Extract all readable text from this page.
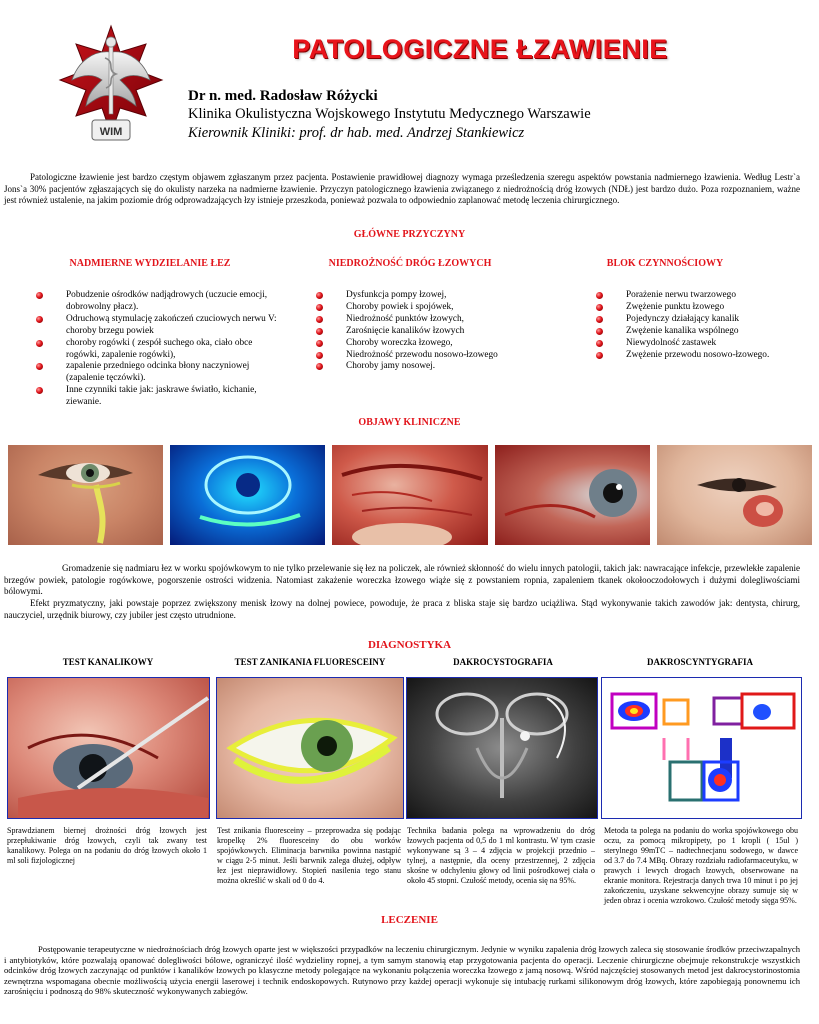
WIM
PATOLOGICZNE ŁZAWIENIE
Dr n. med. Radosław Różycki
Klinika Okulistyczna Wojskowego Instytutu Medycznego Warszawie
Kierownik Kliniki: prof. dr hab. med. Andrzej Stankiewicz
Patologiczne łzawienie jest bardzo częstym objawem zgłaszanym przez pacjenta. Postawienie prawidłowej diagnozy wymaga prześledzenia szeregu aspektów powstania nadmiernego łzawienia. Według Lestr`a Jons`a 30% pacjentów zgłaszających się do okulisty narzeka na nadmierne łzawienie. Przyczyn patologicznego łzawienia związanego z niedrożnością dróg łzowych (NDŁ) jest bardzo dużo. Poza rozpoznaniem, ważne jest również ustalenie, na jakim poziomie dróg odprowadzających łzy istnieje przeszkoda, ponieważ pozwala to odpowiednio zaplanować metodę leczenia chirurgicznego.
GŁÓWNE PRZYCZYNY
NADMIERNE WYDZIELANIE ŁEZ	NIEDROŻNOŚĆ DRÓG ŁZOWYCH	BLOK CZYNNOŚCIOWY
Pobudzenie ośrodków nadjądrowych (uczucie emocji, dobrowolny płacz).
Odruchową stymulację zakończeń czuciowych nerwu V: choroby brzegu powiek
choroby rogówki ( zespół suchego oka, ciało obce rogówki, zapalenie rogówki),
zapalenie przedniego odcinka błony naczyniowej (zapalenie tęczówki).
Inne czynniki takie jak: jaskrawe światło, kichanie, ziewanie.
Dysfunkcja pompy łzowej,
Choroby powiek i spojówek,
Niedrożność punktów łzowych,
Zarośnięcie kanalików łzowych
Choroby woreczka łzowego,
Niedrożność przewodu nosowo-łzowego
Choroby jamy nosowej.
Porażenie nerwu twarzowego
Zwężenie punktu łzowego
Pojedynczy działający kanalik
Zwężenie kanalika wspólnego
Niewydolność zastawek
Zwężenie przewodu nosowo-łzowego.
OBJAWY KLINICZNE
Gromadzenie się nadmiaru łez w worku spojówkowym to nie tylko przelewanie się łez na policzek, ale również skłonność do wielu innych patologii, takich jak: nawracające infekcje, przewlekłe zapalenie brzegów powiek, patologie rogówkowe, pogorszenie ostrości widzenia. Natomiast zakażenie woreczka łzowego wiąże się z powstaniem ropnia, zapaleniem tkanek okołooczodołowych i dużymi dolegliwościami bólowymi.
Efekt pryzmatyczny, jaki powstaje poprzez zwiększony menisk łzowy na dolnej powiece, powoduje, że praca z bliska staje się bardzo uciążliwa. Stąd wykonywanie takich zawodów jak: dentysta, chirurg, nauczyciel, urzędnik biurowy, czy jubiler jest często utrudnione.
DIAGNOSTYKA
TEST KANALIKOWY	TEST ZANIKANIA FLUORESCEINY	DAKROCYSTOGRAFIA	DAKROSCYNTYGRAFIA
Sprawdzianem biernej drożności dróg łzowych jest przepłukiwanie dróg łzowych, czyli tak zwany test kanalikowy. Polega on na podaniu do dróg łzowych około 1 ml soli fizjologicznej
Test znikania fluoresceiny – przeprowadza się podając kropelkę 2% fluoresceiny do obu worków spojówkowych. Eliminacja barwnika powinna nastąpić w ciągu 2-5 minut. Jeśli barwnik zalega dłużej, odpływ łez jest nieprawidłowy. Stopień nasilenia tego stanu można określić w skali od 0 do 4.
Technika badania polega na wprowadzeniu do dróg łzowych pacjenta od 0,5 do 1 ml kontrastu. W tym czasie wykonywane są 3 – 4 zdjęcia w projekcji przednio – tylnej, a następnie, dla oceny przestrzennej, 2 zdjęcia skośne w odchyleniu głowy od linii pośrodkowej ciała o około 45 stopni. Czułość metody, ocenia się na 95%.
Metoda ta polega na podaniu do worka spojówkowego obu oczu, za pomocą mikropipety, po 1 kropli ( 15ul ) sterylnego 99mTC – nadtechnecjanu sodowego, w dawce od 3.7 do 7.4 MBq. Obrazy rozdziału radiofarmaceutyku, w prawych i lewych drogach łzowych, obserwowane na ekranie monitora. Rejestracja danych trwa 10 minut i po jej zakończeniu, uzyskane sekwencyjne obrazy sumuje się w jeden obraz i ocenia wzrokowo. Czułość metody sięga 95%.
LECZENIE
Postępowanie terapeutyczne w niedrożnościach dróg łzowych oparte jest w większości przypadków na leczeniu chirurgicznym. Jedynie w wyniku zapalenia dróg łzowych zaleca się stosowanie środków przeciwzapalnych i antybiotyków, które pozwalają opanować dolegliwości bólowe, ograniczyć ilość wydzieliny ropnej, a tym samym stanowią etap przygotowania pacjenta do operacji. Leczenie chirurgiczne obejmuje rekonstrukcje wszystkich odcinków dróg łzowych zaczynając od punktów i kanalików łzowych po klasyczne metody polegające na wykonaniu połączenia woreczka łzowego z jamą nosową. Wśród najczęściej stosowanych metod jest dakrocystorinostomia zewnętrzna wspomagana obecnie możliwością użycia energii laserowej i technik endoskopowych. Rutynowo przy każdej operacji wykonuje się intubację rurkami silikonowym dróg łzowych, które zapobiegają ponownemu ich zarośnięciu i podnoszą do 98% skuteczność wykonywanych zabiegów.
